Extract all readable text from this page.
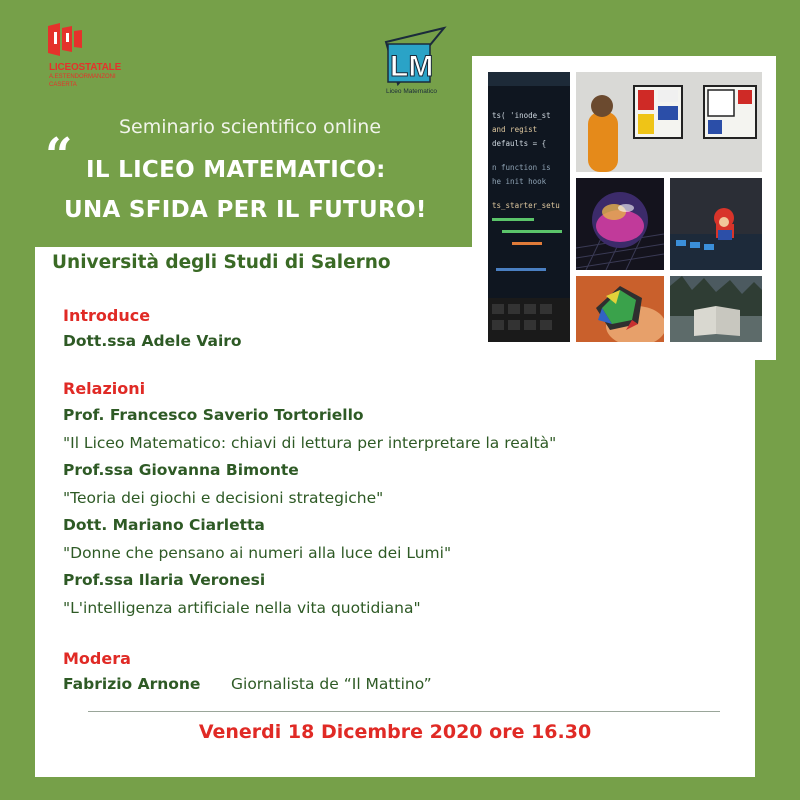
LICEOSTATALE
A.ESTENDORMANZONI
CASERTA
LM
Liceo Matematico
Seminario scientifico online
“ IL LICEO MATEMATICO:
UNA SFIDA PER IL FUTURO!
ts( 'inode_st
and regist
defaults = {
n function is
he init hook
ts_starter_setu
Università degli Studi di Salerno
Introduce
Dott.ssa Adele Vairo
Relazioni
Prof. Francesco Saverio Tortoriello
"Il Liceo Matematico: chiavi di lettura per interpretare la realtà"
Prof.ssa Giovanna Bimonte
"Teoria dei giochi e decisioni strategiche"
Dott. Mariano Ciarletta
"Donne che pensano ai numeri alla luce dei Lumi"
Prof.ssa Ilaria Veronesi
"L'intelligenza artificiale nella vita quotidiana"
Modera
Fabrizio Arnone Giornalista de “Il Mattino”
Venerdi 18 Dicembre 2020 ore 16.30
